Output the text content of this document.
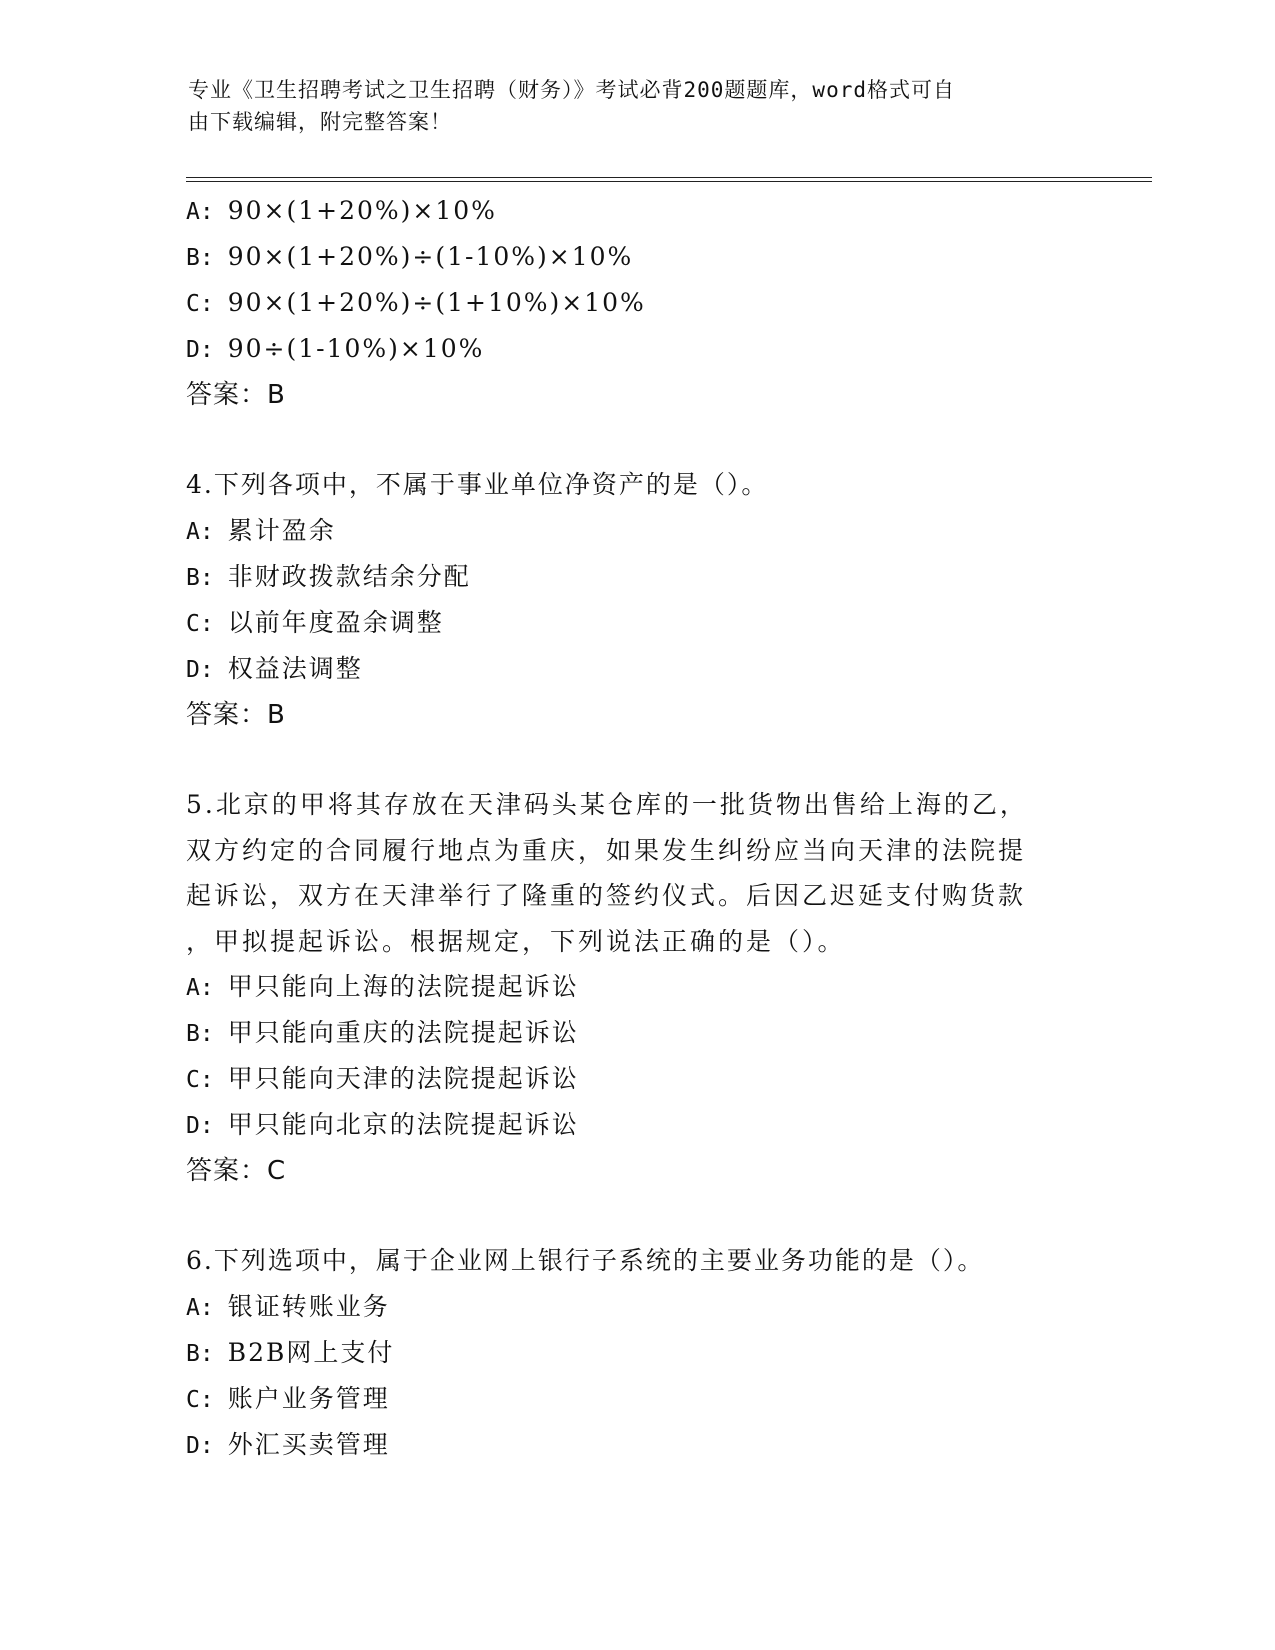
专业《卫生招聘考试之卫生招聘（财务）》考试必背200题题库，word格式可自
由下载编辑，附完整答案！
A: 90×(1+20%)×10%
B: 90×(1+20%)÷(1-10%)×10%
C: 90×(1+20%)÷(1+10%)×10%
D: 90÷(1-10%)×10%
答案：B
4.下列各项中，不属于事业单位净资产的是（）。
A: 累计盈余
B: 非财政拨款结余分配
C: 以前年度盈余调整
D: 权益法调整
答案：B
5.北京的甲将其存放在天津码头某仓库的一批货物出售给上海的乙，
双方约定的合同履行地点为重庆，如果发生纠纷应当向天津的法院提
起诉讼，双方在天津举行了隆重的签约仪式。后因乙迟延支付购货款
，甲拟提起诉讼。根据规定，下列说法正确的是（）。
A: 甲只能向上海的法院提起诉讼
B: 甲只能向重庆的法院提起诉讼
C: 甲只能向天津的法院提起诉讼
D: 甲只能向北京的法院提起诉讼
答案：C
6.下列选项中，属于企业网上银行子系统的主要业务功能的是（）。
A: 银证转账业务
B: B2B网上支付
C: 账户业务管理
D: 外汇买卖管理
